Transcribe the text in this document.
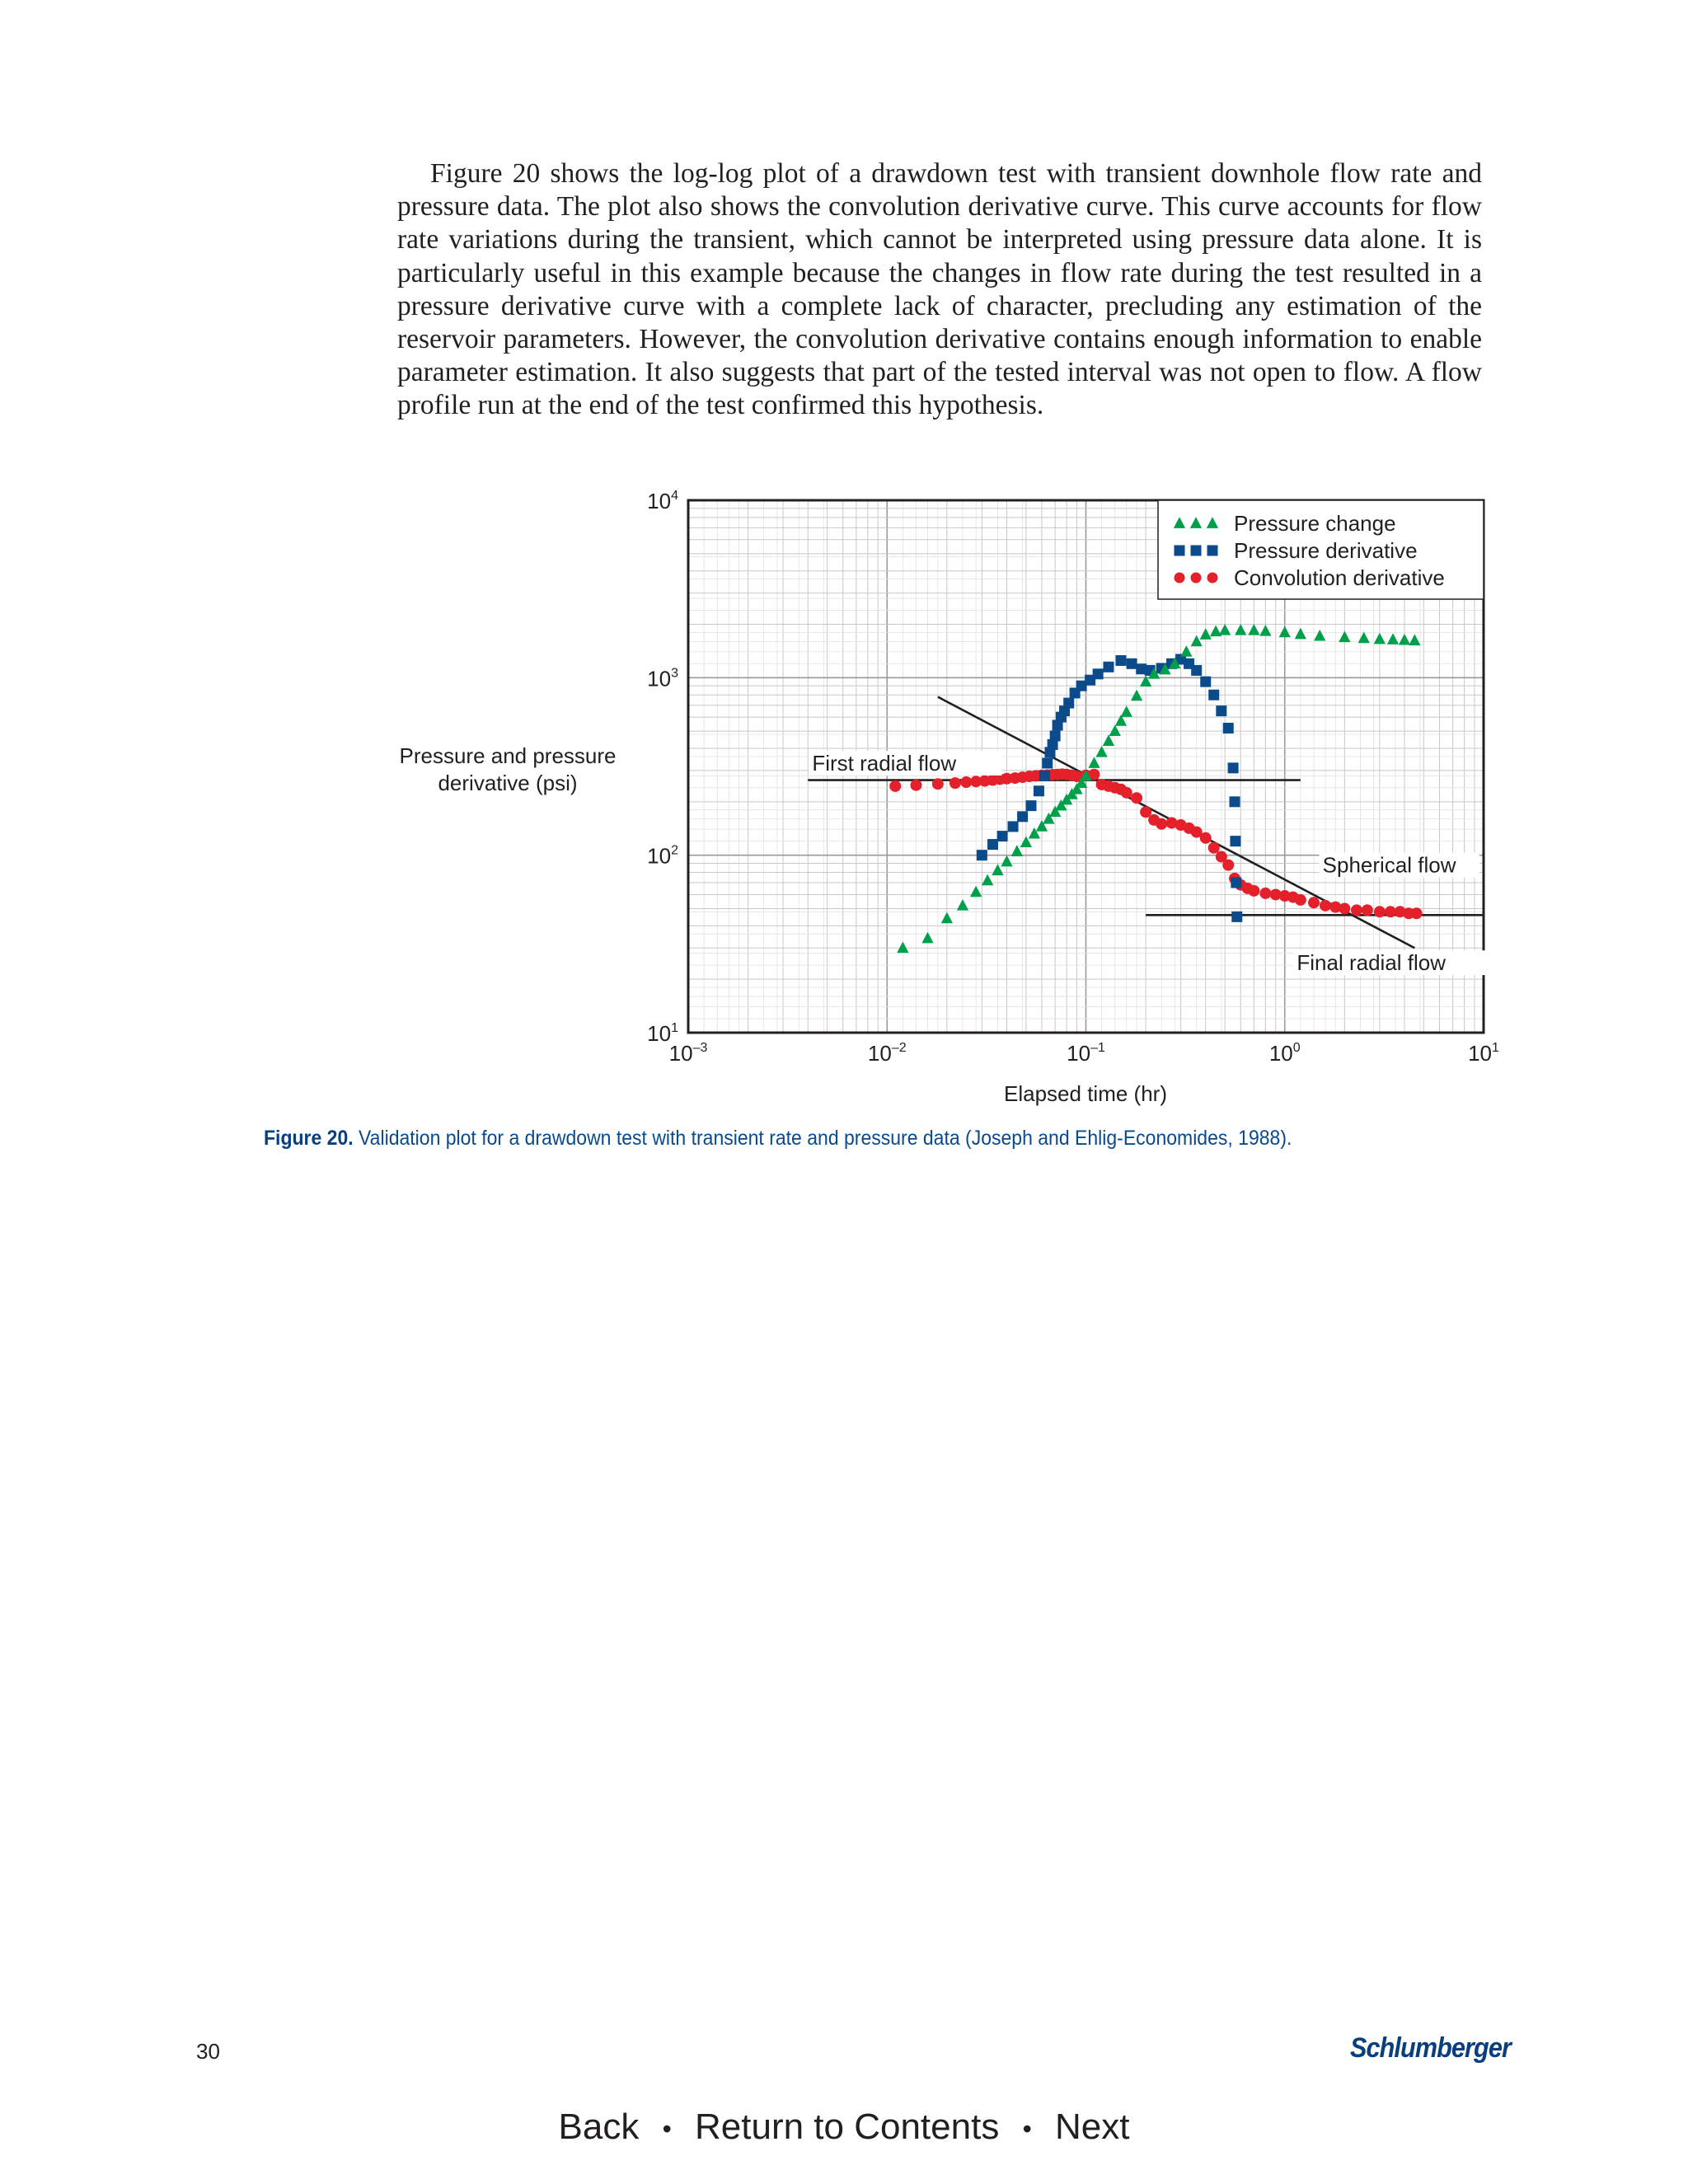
Figure 20 shows the log-log plot of a drawdown test with transient downhole flow rate and pressure data. The plot also shows the convolution derivative curve. This curve accounts for flow rate variations during the transient, which cannot be interpreted using pressure data alone. It is particularly useful in this example because the changes in flow rate during the test resulted in a pressure derivative curve with a complete lack of character, precluding any estimation of the reservoir parameters. However, the convolution derivative contains enough information to enable parameter estimation. It also suggests that part of the tested interval was not open to flow. A flow profile run at the end of the test confirmed this hypothesis.

First radial flow
Spherical flow
Final radial flow
$10^{-3}$	$10^{-2}$	$10^{-1}$	$10^0$	$10^1$
$10^1$
$10^2$
$10^3$
$10^4$
Pressure and pressure
derivative (psi)
Elapsed time (hr)
Pressure change
Pressure derivative
Convolution derivative
Figure 20. Validation plot for a drawdown test with transient rate and pressure data (Joseph and Ehlig-Economides, 1988).
30	Schlumberger
Back • Return to Contents • Next
